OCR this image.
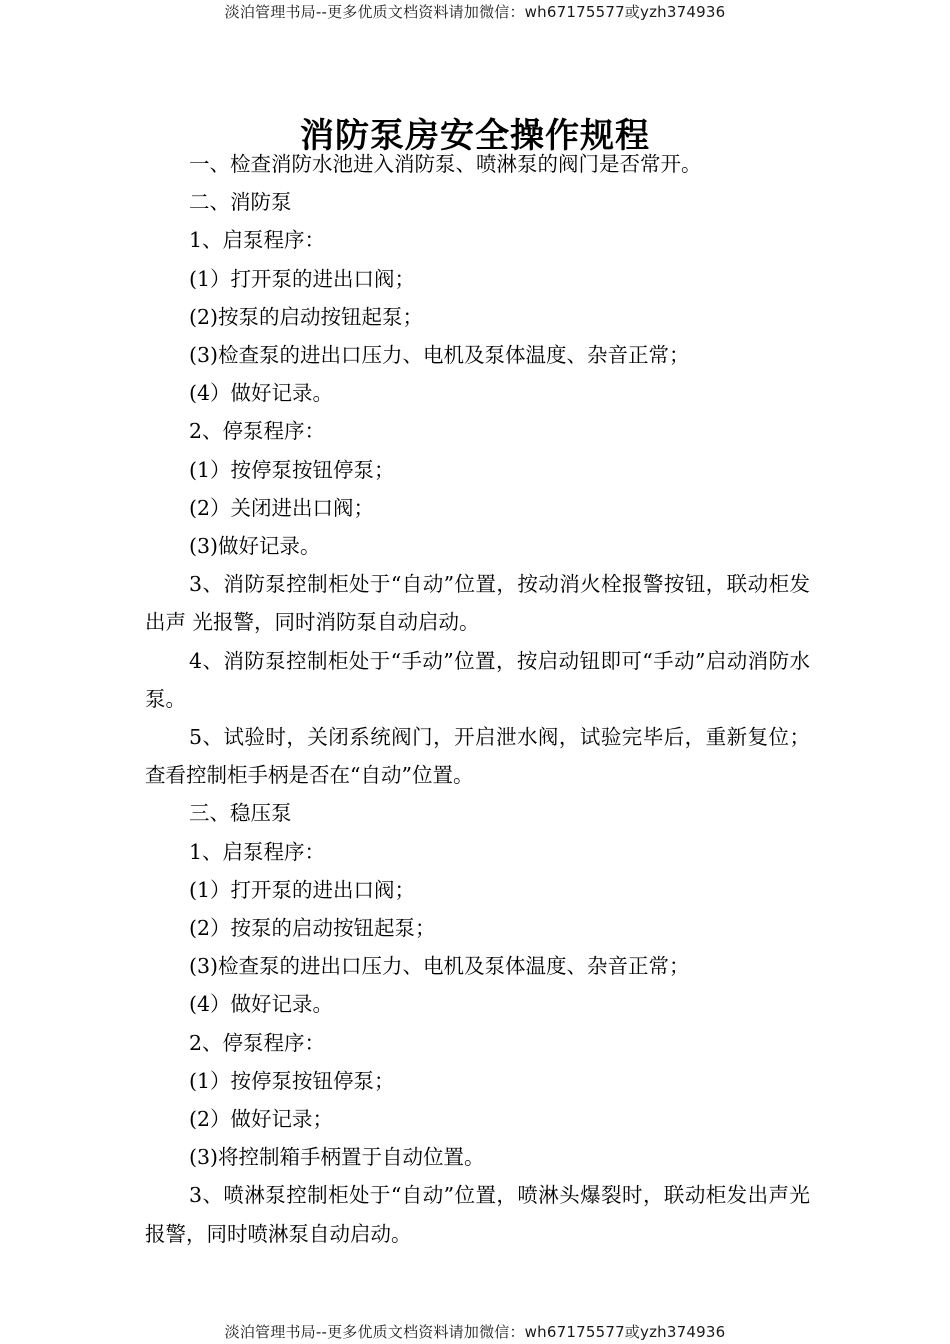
淡泊管理书局--更多优质文档资料请加微信：wh67175577或yzh374936
消防泵房安全操作规程

一、检查消防水池进入消防泵、喷淋泵的阀门是否常开。

二、消防泵

1、启泵程序：

(1）打开泵的进出口阀；

(2)按泵的启动按钮起泵；

(3)检查泵的进出口压力、电机及泵体温度、杂音正常；

(4）做好记录。

2、停泵程序：

(1）按停泵按钮停泵；

(2）关闭进出口阀；

(3)做好记录。

3、消防泵控制柜处于“自动”位置，按动消火栓报警按钮，联动柜发出声 光报警，同时消防泵自动启动。

4、消防泵控制柜处于“手动”位置，按启动钮即可“手动”启动消防水泵。

5、试验时，关闭系统阀门，开启泄水阀，试验完毕后，重新复位；查看控制柜手柄是否在“自动”位置。

三、稳压泵

1、启泵程序：

(1）打开泵的进出口阀；

(2）按泵的启动按钮起泵；

(3)检查泵的进出口压力、电机及泵体温度、杂音正常；

(4）做好记录。

2、停泵程序：

(1）按停泵按钮停泵；

(2）做好记录；

(3)将控制箱手柄置于自动位置。

3、喷淋泵控制柜处于“自动”位置，喷淋头爆裂时，联动柜发出声光报警，同时喷淋泵自动启动。

淡泊管理书局--更多优质文档资料请加微信：wh67175577或yzh374936
